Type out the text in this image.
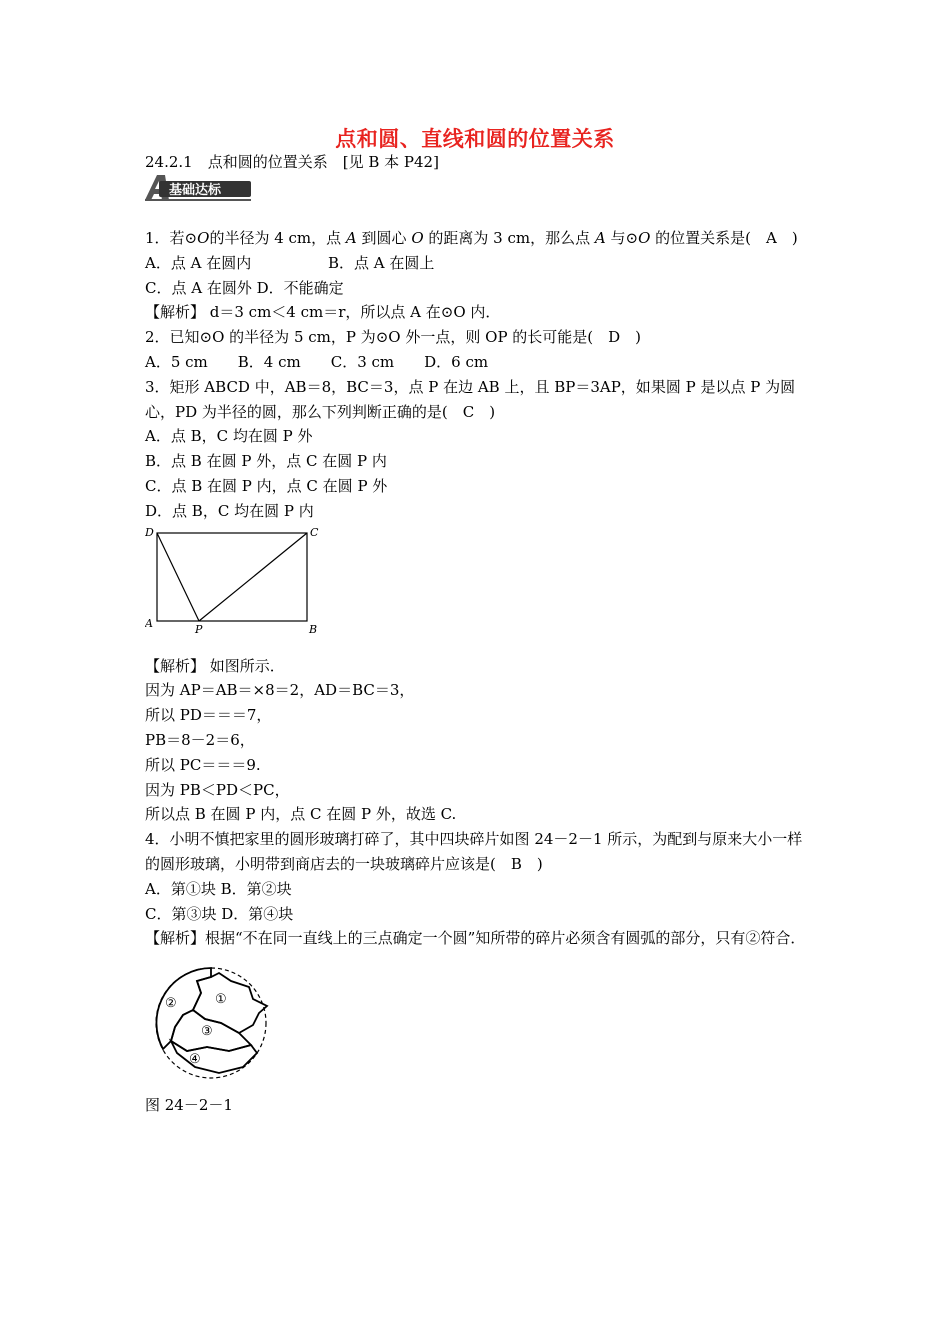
点和圆、直线和圆的位置关系
24.2.1　点和圆的位置关系　[见 B 本 P42]
基础达标

1．若⊙O的半径为 4 cm，点 A 到圆心 O 的距离为 3 cm，那么点 A 与⊙O 的位置关系是(　A　)

A．点 A 在圆内	B．点 A 在圆上

C．点 A 在圆外 D．不能确定

【解析】 d＝3 cm＜4 cm＝r，所以点 A 在⊙O 内．

2．已知⊙O 的半径为 5 cm，P 为⊙O 外一点，则 OP 的长可能是(　D　)

A．5 cm　　B．4 cm　　C．3 cm　　D．6 cm

3．矩形 ABCD 中，AB＝8，BC＝3，点 P 在边 AB 上，且 BP＝3AP，如果圆 P 是以点 P 为圆心，PD 为半径的圆，那么下列判断正确的是(　C　)

A．点 B，C 均在圆 P 外

B．点 B 在圆 P 外，点 C 在圆 P 内

C．点 B 在圆 P 内，点 C 在圆 P 外

D．点 B，C 均在圆 P 内

D	C
A	P	B

【解析】 如图所示．

因为 AP＝AB＝×8＝2，AD＝BC＝3，

所以 PD＝＝＝7，

PB＝8－2＝6，

所以 PC＝＝＝9.

因为 PB＜PD＜PC，

所以点 B 在圆 P 内，点 C 在圆 P 外，故选 C.

4．小明不慎把家里的圆形玻璃打碎了，其中四块碎片如图 24－2－1 所示，为配到与原来大小一样的圆形玻璃，小明带到商店去的一块玻璃碎片应该是(　B　)

A．第①块 B．第②块

C．第③块 D．第④块

【解析】根据“不在同一直线上的三点确定一个圆”知所带的碎片必须含有圆弧的部分，只有②符合．

①
②
③
④

图 24－2－1
